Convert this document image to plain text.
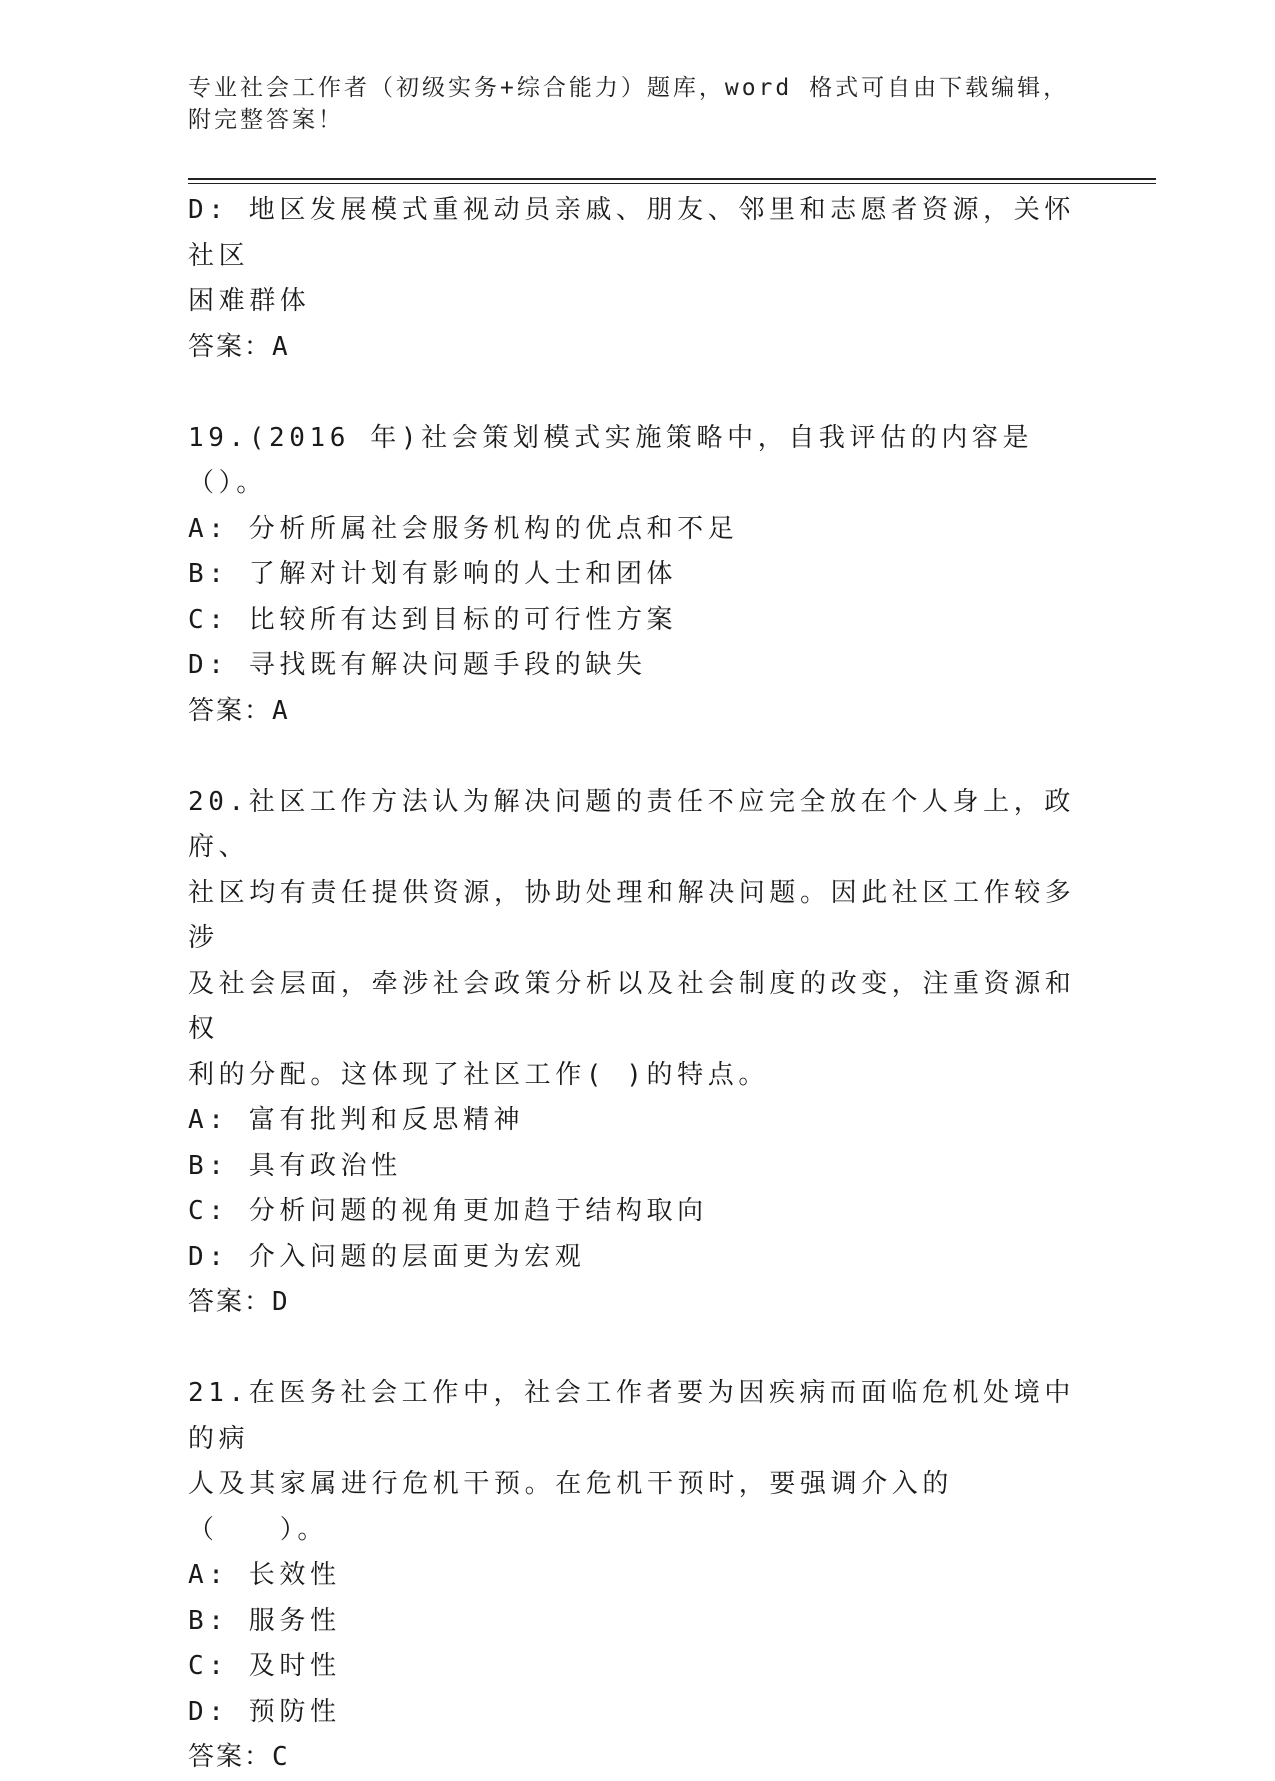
专业社会工作者（初级实务+综合能力）题库，word 格式可自由下载编辑，附完整答案！
D: 地区发展模式重视动员亲戚、朋友、邻里和志愿者资源，关怀社区
困难群体
答案：A
19.(2016 年)社会策划模式实施策略中，自我评估的内容是（）。
A: 分析所属社会服务机构的优点和不足
B: 了解对计划有影响的人士和团体
C: 比较所有达到目标的可行性方案
D: 寻找既有解决问题手段的缺失
答案：A
20.社区工作方法认为解决问题的责任不应完全放在个人身上，政府、
社区均有责任提供资源，协助处理和解决问题。因此社区工作较多涉
及社会层面，牵涉社会政策分析以及社会制度的改变，注重资源和权
利的分配。这体现了社区工作( )的特点。
A: 富有批判和反思精神
B: 具有政治性
C: 分析问题的视角更加趋于结构取向
D: 介入问题的层面更为宏观
答案：D
21.在医务社会工作中，社会工作者要为因疾病而面临危机处境中的病
人及其家属进行危机干预。在危机干预时，要强调介入的（　　）。
A: 长效性
B: 服务性
C: 及时性
D: 预防性
答案：C
